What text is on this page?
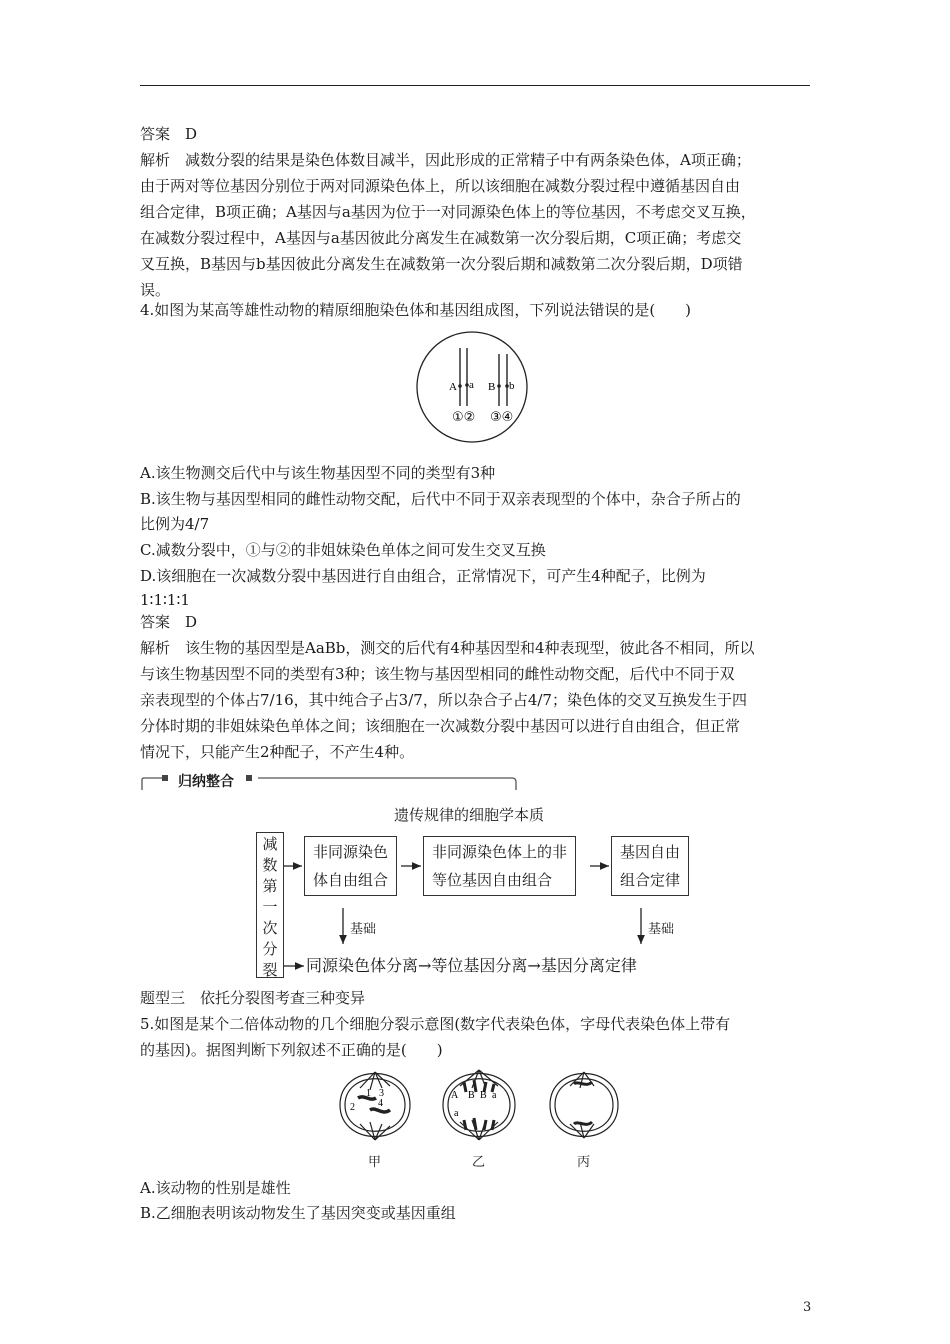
答案　D
解析　减数分裂的结果是染色体数目减半，因此形成的正常精子中有两条染色体，A项正确；
由于两对等位基因分别位于两对同源染色体上，所以该细胞在减数分裂过程中遵循基因自由
组合定律，B项正确；A基因与a基因为位于一对同源染色体上的等位基因，不考虑交叉互换，
在减数分裂过程中，A基因与a基因彼此分离发生在减数第一次分裂后期，C项正确；考虑交
叉互换，B基因与b基因彼此分离发生在减数第一次分裂后期和减数第二次分裂后期，D项错
误。
4.如图为某高等雄性动物的精原细胞染色体和基因组成图，下列说法错误的是(　　)
A a B b
①② ③④
A.该生物测交后代中与该生物基因型不同的类型有3种
B.该生物与基因型相同的雌性动物交配，后代中不同于双亲表现型的个体中，杂合子所占的
比例为4/7
C.减数分裂中，①与②的非姐妹染色单体之间可发生交叉互换
D.该细胞在一次减数分裂中基因进行自由组合，正常情况下，可产生4种配子，比例为
1∶1∶1∶1
答案　D
解析　该生物的基因型是AaBb，测交的后代有4种基因型和4种表现型，彼此各不相同，所以
与该生物基因型不同的类型有3种；该生物与基因型相同的雌性动物交配，后代中不同于双
亲表现型的个体占7/16，其中纯合子占3/7，所以杂合子占4/7；染色体的交叉互换发生于四
分体时期的非姐妹染色单体之间；该细胞在一次减数分裂中基因可以进行自由组合，但正常
情况下，只能产生2种配子，不产生4种。
归纳整合
遗传规律的细胞学本质
减
数
第
一
次
分
裂
非同源染色
体自由组合
非同源染色体上的非
等位基因自由组合
基因自由
组合定律
基础	基础
同源染色体分离→等位基因分离→基因分离定律
题型三　依托分裂图考查三种变异
5.如图是某个二倍体动物的几个细胞分裂示意图(数字代表染色体，字母代表染色体上带有
的基因)。据图判断下列叙述不正确的是(　　)
1 3
2 4
A B B a
a
甲	乙	丙
A.该动物的性别是雄性
B.乙细胞表明该动物发生了基因突变或基因重组
3
